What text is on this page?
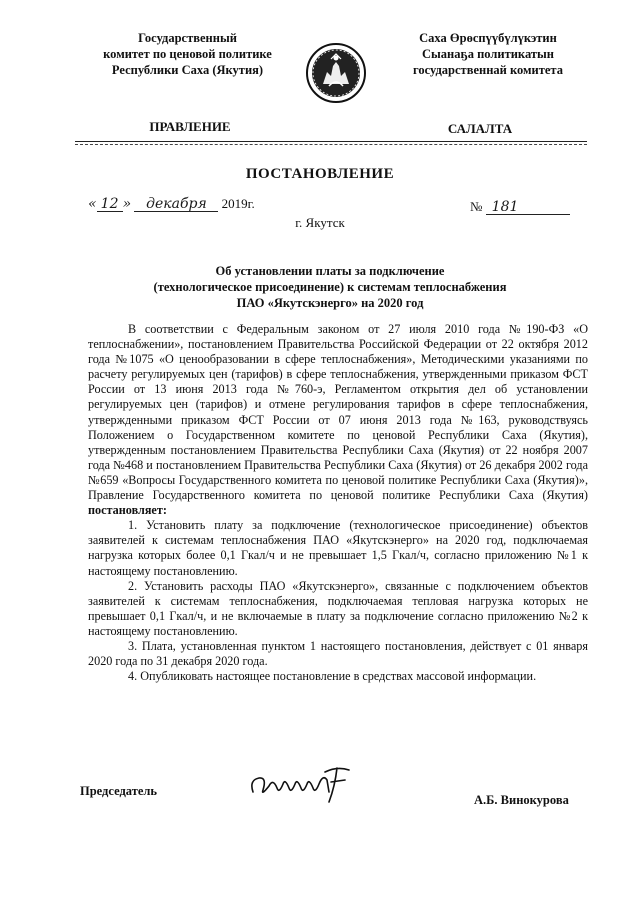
Государственный
комитет по ценовой политике
Республики Саха (Якутия)
Саха Өрөспүүбүлүкэтин
Сыанаҕа политикатын
государственнай комитета
ПРАВЛЕНИЕ	САЛАЛТА
ПОСТАНОВЛЕНИЕ
« 12 » декабря 2019г.	№ 181
г. Якутск
Об установлении платы за подключение
(технологическое присоединение) к системам теплоснабжения
ПАО «Якутскэнерго» на 2020 год

В соответствии с Федеральным законом от 27 июля 2010 года №190-ФЗ «О теплоснабжении», постановлением Правительства Российской Федерации от 22 октября 2012 года №1075 «О ценообразовании в сфере теплоснабжения», Методическими указаниями по расчету регулируемых цен (тарифов) в сфере теплоснабжения, утвержденными приказом ФСТ России от 13 июня 2013 года №760-э, Регламентом открытия дел об установлении регулируемых цен (тарифов) и отмене регулирования тарифов в сфере теплоснабжения, утвержденными приказом ФСТ России от 07 июня 2013 года №163, руководствуясь Положением о Государственном комитете по ценовой Республики Саха (Якутия), утвержденным постановлением Правительства Республики Саха (Якутия) от 22 ноября 2007 года №468 и постановлением Правительства Республики Саха (Якутия) от 26 декабря 2002 года №659 «Вопросы Государственного комитета по ценовой политике Республики Саха (Якутия)», Правление Государственного комитета по ценовой политике Республики Саха (Якутия) постановляет:

1. Установить плату за подключение (технологическое присоединение) объектов заявителей к системам теплоснабжения ПАО «Якутскэнерго» на 2020 год, подключаемая нагрузка которых более 0,1 Гкал/ч и не превышает 1,5 Гкал/ч, согласно приложению №1 к настоящему постановлению.

2. Установить расходы ПАО «Якутскэнерго», связанные с подключением объектов заявителей к системам теплоснабжения, подключаемая тепловая нагрузка которых не превышает 0,1 Гкал/ч, и не включаемые в плату за подключение согласно приложению №2 к настоящему постановлению.

3. Плата, установленная пунктом 1 настоящего постановления, действует с 01 января 2020 года по 31 декабря 2020 года.

4. Опубликовать настоящее постановление в средствах массовой информации.

Председатель
А.Б. Винокурова
